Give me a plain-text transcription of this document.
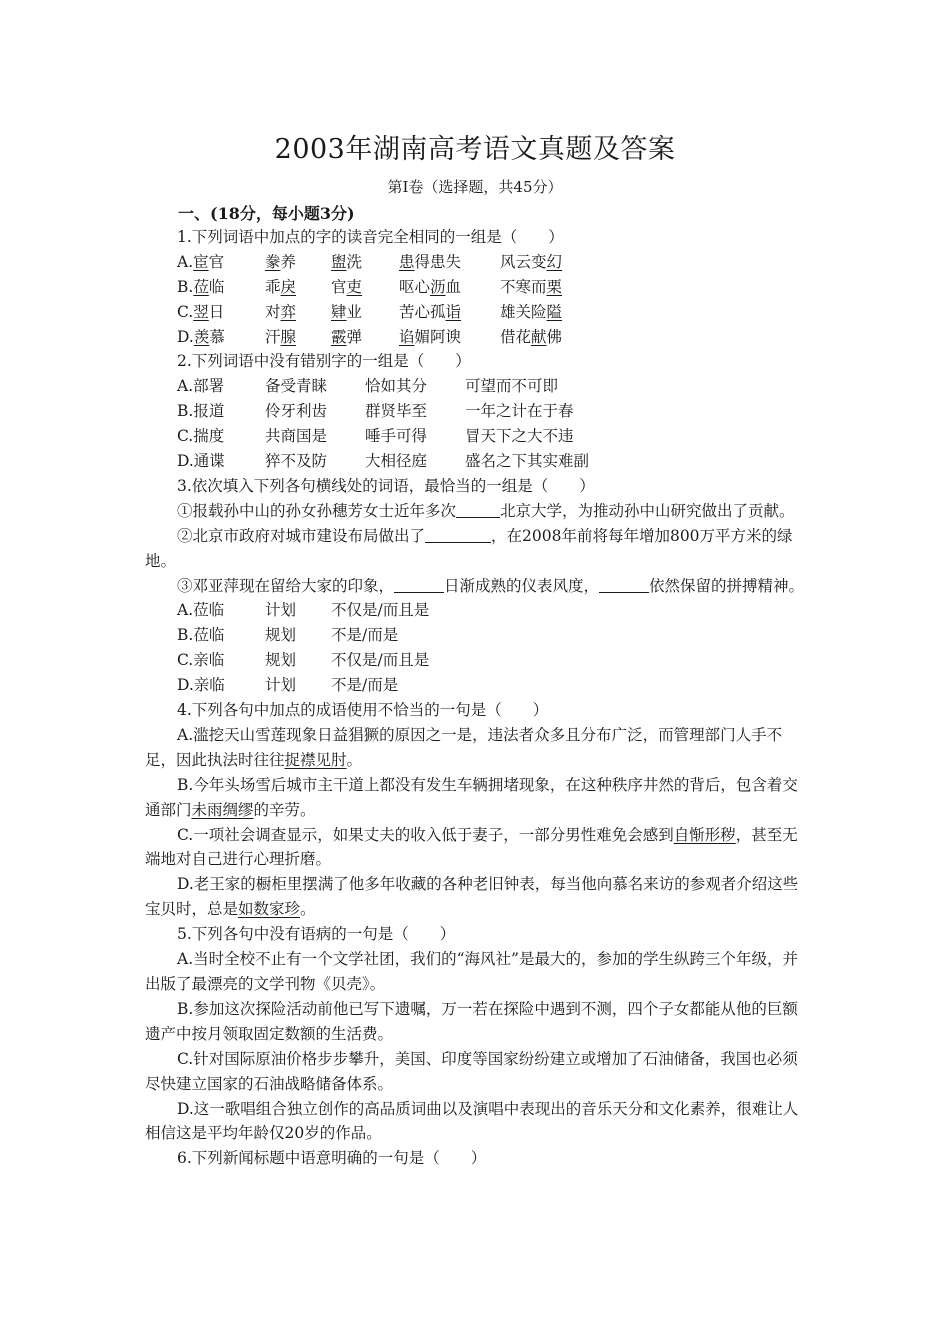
2003年湖南高考语文真题及答案
第Ⅰ卷（选择题，共45分）
一、(18分，每小题3分)

1.下列词语中加点的字的读音完全相同的一组是（　　）

A.宦官	豢养	盥洗	患得患失	风云变幻
B.莅临	乖戾	官吏	呕心沥血	不寒而栗
C.翌日	对弈	肄业	苦心孤诣	雄关险隘
D.羡慕	汗腺	霰弹	谄媚阿谀	借花献佛

2.下列词语中没有错别字的一组是（　　）

A.部署	备受青睐	恰如其分	可望而不可即
B.报道	伶牙利齿	群贤毕至	一年之计在于春
C.揣度	共商国是	唾手可得	冒天下之大不违
D.通谍	猝不及防	大相径庭	盛名之下其实难副

3.依次填入下列各句横线处的词语，最恰当的一组是（　　）

①报载孙中山的孙女孙穗芳女士近年多次	北京大学，为推动孙中山研究做出了贡献。

②北京市政府对城市建设布局做出了	，在2008年前将每年增加800万平方米的绿地。

③邓亚萍现在留给大家的印象，	日渐成熟的仪表风度，	依然保留的拼搏精神。

A.莅临	计划	不仅是/而且是
B.莅临	规划	不是/而是
C.亲临	规划	不仅是/而且是
D.亲临	计划	不是/而是

4.下列各句中加点的成语使用不恰当的一句是（　　）

A.滥挖天山雪莲现象日益猖獗的原因之一是，违法者众多且分布广泛，而管理部门人手不足，因此执法时往往捉襟见肘。

B.今年头场雪后城市主干道上都没有发生车辆拥堵现象，在这种秩序井然的背后，包含着交通部门未雨绸缪的辛劳。

C.一项社会调查显示，如果丈夫的收入低于妻子，一部分男性难免会感到自惭形秽，甚至无端地对自己进行心理折磨。

D.老王家的橱柜里摆满了他多年收藏的各种老旧钟表，每当他向慕名来访的参观者介绍这些宝贝时，总是如数家珍。

5.下列各句中没有语病的一句是（　　）

A.当时全校不止有一个文学社团，我们的“海风社”是最大的，参加的学生纵跨三个年级，并出版了最漂亮的文学刊物《贝壳》。

B.参加这次探险活动前他已写下遗嘱，万一若在探险中遇到不测，四个子女都能从他的巨额遗产中按月领取固定数额的生活费。

C.针对国际原油价格步步攀升，美国、印度等国家纷纷建立或增加了石油储备，我国也必须尽快建立国家的石油战略储备体系。

D.这一歌唱组合独立创作的高品质词曲以及演唱中表现出的音乐天分和文化素养，很难让人相信这是平均年龄仅20岁的作品。

6.下列新闻标题中语意明确的一句是（　　）
